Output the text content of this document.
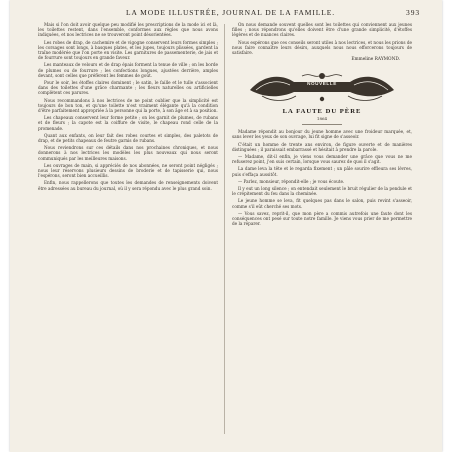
LA MODE ILLUSTRÉE, JOURNAL DE LA FAMILLE.	393

Mais si l'on doit avoir quelque peu modifié les prescriptions de la mode ici et là, les toilettes restent, dans l'ensemble, conformes aux règles que nous avons indiquées, et nos lectrices ne se trouveront point désorientées.

Les robes de drap, de cachemire et de vigogne conservent leurs formes simples ; les corsages sont longs, à basques plates, et les jupes, toujours plissées, gardent la traîne modérée que l'on porte en visite. Les garnitures de passementerie, de jais et de fourrure sont toujours en grande faveur.

Les manteaux de velours et de drap épais forment la tenue de ville ; on les borde de plumes ou de fourrure ; les confections longues, ajustées derrière, amples devant, sont celles que préfèrent les femmes de goût.

Pour le soir, les étoffes claires dominent ; le satin, le faille et le tulle s'associent dans des toilettes d'une grâce charmante ; les fleurs naturelles ou artificielles complètent ces parures.

Nous recommandons à nos lectrices de ne point oublier que la simplicité est toujours de bon ton, et qu'une toilette n'est vraiment élégante qu'à la condition d'être parfaitement appropriée à la personne qui la porte, à son âge et à sa position.

Les chapeaux conservent leur forme petite ; on les garnit de plumes, de rubans et de fleurs ; la capote est la coiffure de visite, le chapeau rond celle de la promenade.

Quant aux enfants, on leur fait des robes courtes et simples, des paletots de drap, et de petits chapeaux de feutre garnis de rubans.

Nous reviendrons sur ces détails dans nos prochaines chroniques, et nous donnerons à nos lectrices les modèles les plus nouveaux qui nous seront communiqués par les meilleures maisons.

Les ouvrages de main, si appréciés de nos abonnées, ne seront point négligés ; nous leur réservons plusieurs dessins de broderie et de tapisserie qui, nous l'espérons, seront bien accueillis.

Enfin, nous rappellerons que toutes les demandes de renseignements doivent être adressées au bureau du journal, où il y sera répondu avec le plus grand soin.

On nous demande souvent quelles sont les toilettes qui conviennent aux jeunes filles ; nous répondrons qu'elles doivent être d'une grande simplicité, d'étoffes légères et de nuances claires.

Nous espérons que ces conseils seront utiles à nos lectrices, et nous les prions de nous faire connaître leurs désirs, auxquels nous nous efforcerons toujours de satisfaire.

Emmeline RAYMOND.
NOUVELLE
LA FAUTE DU PÈRE
1864

Madame répondit au bonjour du jeune homme avec une froideur marquée, et, sans lever les yeux de son ouvrage, lui fit signe de s'asseoir.

C'était un homme de trente ans environ, de figure ouverte et de manières distinguées ; il paraissait embarrassé et hésitait à prendre la parole.

— Madame, dit-il enfin, je viens vous demander une grâce que vous ne me refuserez point, j'en suis certain, lorsque vous saurez de quoi il s'agit.

La dame leva la tête et le regarda fixement ; un pâle sourire effleura ses lèvres, puis s'effaça aussitôt.

— Parlez, monsieur, répondit-elle ; je vous écoute.

Il y eut un long silence ; on entendait seulement le bruit régulier de la pendule et le crépitement du feu dans la cheminée.

Le jeune homme se leva, fit quelques pas dans le salon, puis revint s'asseoir, comme s'il eût cherché ses mots.

— Vous savez, reprit-il, que mon père a commis autrefois une faute dont les conséquences ont pesé sur toute notre famille. Je viens vous prier de me permettre de la réparer.
